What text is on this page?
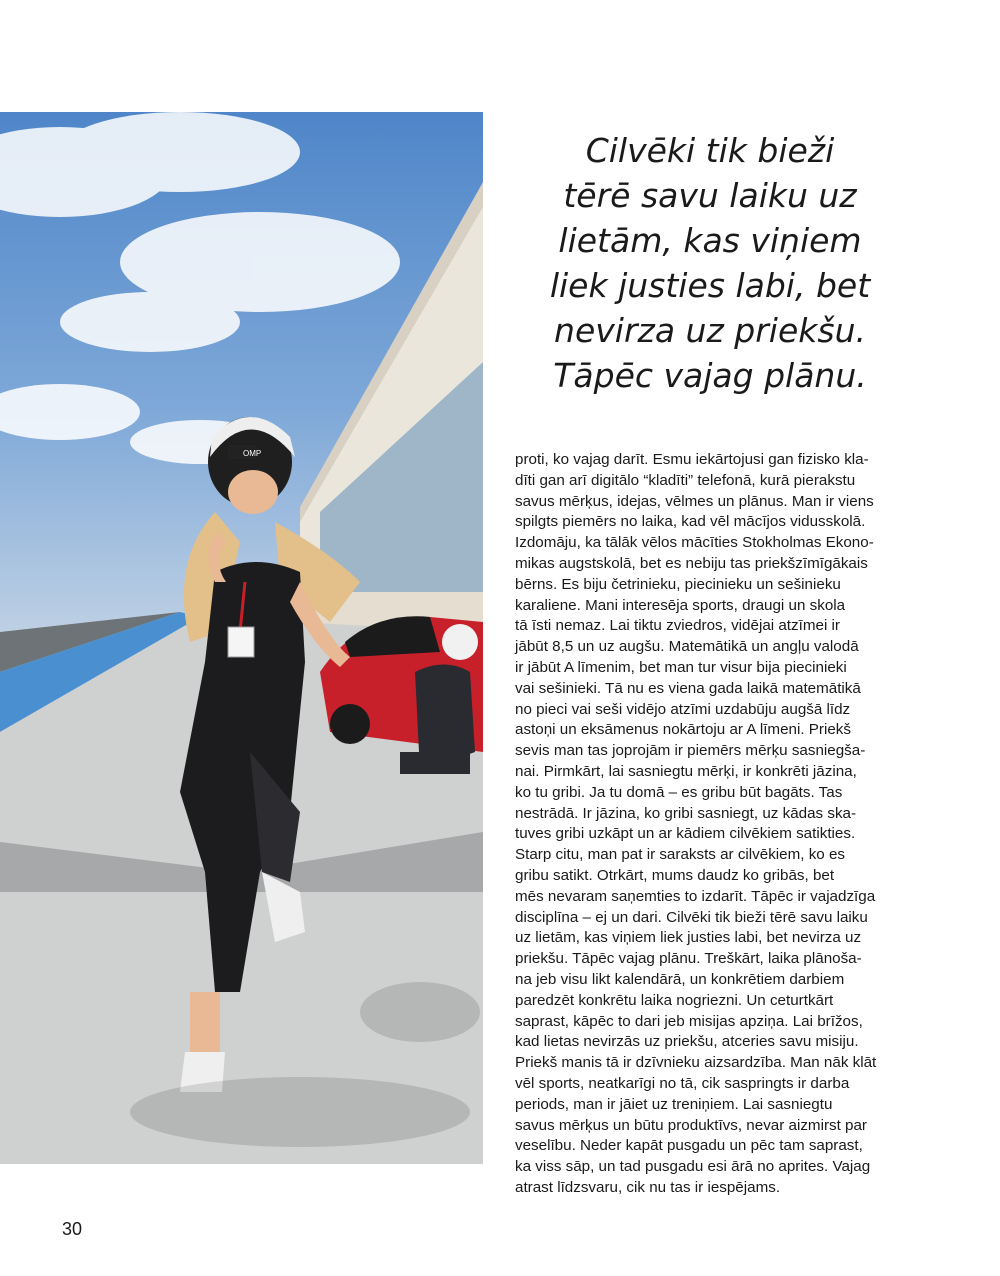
OMP
Cilvēki tik bieži
tērē savu laiku uz
lietām, kas viņiem
liek justies labi, bet
nevirza uz priekšu.
Tāpēc vajag plānu.
proti, ko vajag darīt. Esmu iekārtojusi gan fizisko kla-
dīti gan arī digitālo “kladīti” telefonā, kurā pierakstu
savus mērķus, idejas, vēlmes un plānus. Man ir viens
spilgts piemērs no laika, kad vēl mācījos vidusskolā.
Izdomāju, ka tālāk vēlos mācīties Stokholmas Ekono-
mikas augstskolā, bet es nebiju tas priekšzīmīgākais
bērns. Es biju četrinieku, piecinieku un sešinieku
karaliene. Mani interesēja sports, draugi un skola
tā īsti nemaz. Lai tiktu zviedros, vidējai atzīmei ir
jābūt 8,5 un uz augšu. Matemātikā un angļu valodā
ir jābūt A līmenim, bet man tur visur bija piecinieki
vai sešinieki. Tā nu es viena gada laikā matemātikā
no pieci vai seši vidējo atzīmi uzdabūju augšā līdz
astoņi un eksāmenus nokārtoju ar A līmeni. Priekš
sevis man tas joprojām ir piemērs mērķu sasniegša-
nai. Pirmkārt, lai sasniegtu mērķi, ir konkrēti jāzina,
ko tu gribi. Ja tu domā – es gribu būt bagāts. Tas
nestrādā. Ir jāzina, ko gribi sasniegt, uz kādas ska-
tuves gribi uzkāpt un ar kādiem cilvēkiem satikties.
Starp citu, man pat ir saraksts ar cilvēkiem, ko es
gribu satikt. Otrkārt, mums daudz ko gribās, bet
mēs nevaram saņemties to izdarīt. Tāpēc ir vajadzīga
disciplīna – ej un dari. Cilvēki tik bieži tērē savu laiku
uz lietām, kas viņiem liek justies labi, bet nevirza uz
priekšu. Tāpēc vajag plānu. Treškārt, laika plānoša-
na jeb visu likt kalendārā, un konkrētiem darbiem
paredzēt konkrētu laika nogriezni. Un ceturtkārt
saprast, kāpēc to dari jeb misijas apziņa. Lai brīžos,
kad lietas nevirzās uz priekšu, atceries savu misiju.
Priekš manis tā ir dzīvnieku aizsardzība. Man nāk klāt
vēl sports, neatkarīgi no tā, cik saspringts ir darba
periods, man ir jāiet uz treniņiem. Lai sasniegtu
savus mērķus un būtu produktīvs, nevar aizmirst par
veselību. Neder kapāt pusgadu un pēc tam saprast,
ka viss sāp, un tad pusgadu esi ārā no aprites. Vajag
atrast līdzsvaru, cik nu tas ir iespējams.
30
